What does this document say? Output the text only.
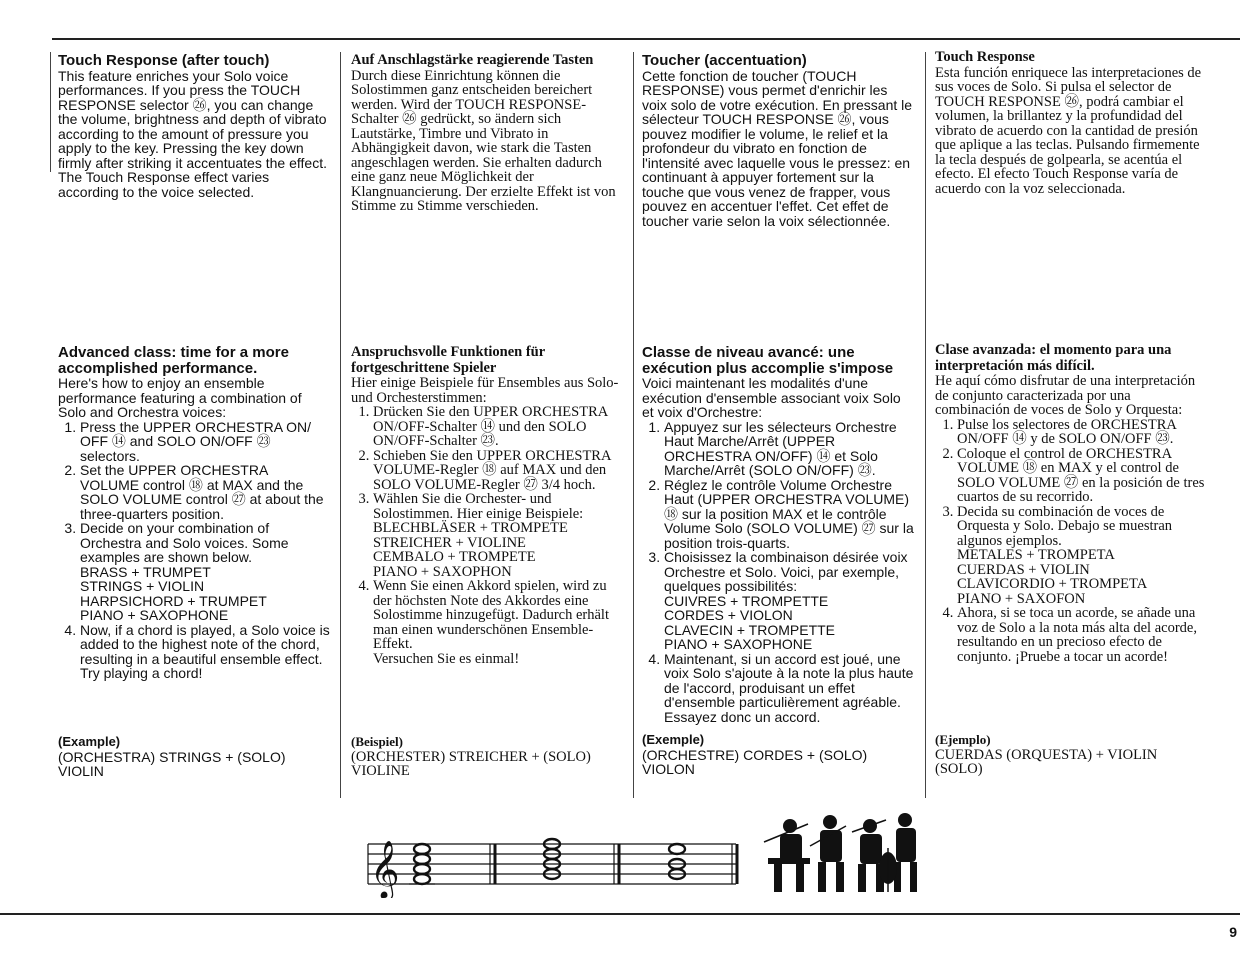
Touch Response (after touch)

This feature enriches your Solo voice performances. If you press the TOUCH RESPONSE selector ㉖, you can change the volume, brightness and depth of vibrato according to the amount of pressure you apply to the key. Pressing the key down firmly after striking it accentuates the effect. The Touch Response effect varies according to the voice selected.

Advanced class: time for a more accomplished performance.

Here's how to enjoy an ensemble performance featuring a combination of Solo and Orchestra voices:

1. Press the UPPER ORCHESTRA ON/ OFF ⑭ and SOLO ON/OFF ㉓ selectors.
2. Set the UPPER ORCHESTRA VOLUME control ⑱ at MAX and the SOLO VOLUME control ㉗ at about the three-quarters position.
3. Decide on your combination of Orchestra and Solo voices. Some examples are shown below.
BRASS + TRUMPET
STRINGS + VIOLIN
HARPSICHORD + TRUMPET
PIANO + SAXOPHONE
4. Now, if a chord is played, a Solo voice is added to the highest note of the chord, resulting in a beautiful ensemble effect. Try playing a chord!

(Example)

(ORCHESTRA) STRINGS + (SOLO) VIOLIN

Auf Anschlagstärke reagierende Tasten

Durch diese Einrichtung können die Solostimmen ganz entscheiden bereichert werden. Wird der TOUCH RESPONSE-Schalter ㉖ gedrückt, so ändern sich Lautstärke, Timbre und Vibrato in Abhängigkeit davon, wie stark die Tasten angeschlagen werden. Sie erhalten dadurch eine ganz neue Möglichkeit der Klangnuancierung. Der erzielte Effekt ist von Stimme zu Stimme verschieden.

Anspruchsvolle Funktionen für fortgeschrittene Spieler

Hier einige Beispiele für Ensembles aus Solo- und Orchesterstimmen:

1. Drücken Sie den UPPER ORCHESTRA ON/OFF-Schalter ⑭ und den SOLO ON/OFF-Schalter ㉓.
2. Schieben Sie den UPPER ORCHESTRA VOLUME-Regler ⑱ auf MAX und den SOLO VOLUME-Regler ㉗ 3/4 hoch.
3. Wählen Sie die Orchester- und Solostimmen. Hier einige Beispiele:
BLECHBLÄSER + TROMPETE
STREICHER + VIOLINE
CEMBALO + TROMPETE
PIANO + SAXOPHON
4. Wenn Sie einen Akkord spielen, wird zu der höchsten Note des Akkordes eine Solostimme hinzugefügt. Dadurch erhält man einen wunderschönen Ensemble-Effekt.
Versuchen Sie es einmal!

(Beispiel)

(ORCHESTER) STREICHER + (SOLO) VIOLINE

Toucher (accentuation)

Cette fonction de toucher (TOUCH RESPONSE) vous permet d'enrichir les voix solo de votre exécution. En pressant le sélecteur TOUCH RESPONSE ㉖, vous pouvez modifier le volume, le relief et la profondeur du vibrato en fonction de l'intensité avec laquelle vous le pressez: en continuant à appuyer fortement sur la touche que vous venez de frapper, vous pouvez en accentuer l'effet. Cet effet de toucher varie selon la voix sélectionnée.

Classe de niveau avancé: une exécution plus accomplie s'impose

Voici maintenant les modalités d'une exécution d'ensemble associant voix Solo et voix d'Orchestre:

1. Appuyez sur les sélecteurs Orchestre Haut Marche/Arrêt (UPPER ORCHESTRA ON/OFF) ⑭ et Solo Marche/Arrêt (SOLO ON/OFF) ㉓.
2. Réglez le contrôle Volume Orchestre Haut (UPPER ORCHESTRA VOLUME) ⑱ sur la position MAX et le contrôle Volume Solo (SOLO VOLUME) ㉗ sur la position trois-quarts.
3. Choisissez la combinaison désirée voix Orchestre et Solo. Voici, par exemple, quelques possibilités:
CUIVRES + TROMPETTE
CORDES + VIOLON
CLAVECIN + TROMPETTE
PIANO + SAXOPHONE
4. Maintenant, si un accord est joué, une voix Solo s'ajoute à la note la plus haute de l'accord, produisant un effet d'ensemble particulièrement agréable. Essayez donc un accord.

(Exemple)

(ORCHESTRE) CORDES + (SOLO) VIOLON

Touch Response

Esta función enriquece las interpretaciones de sus voces de Solo. Si pulsa el selector de TOUCH RESPONSE ㉖, podrá cambiar el volumen, la brillantez y la profundidad del vibrato de acuerdo con la cantidad de presión que aplique a las teclas. Pulsando firmemente la tecla después de golpearla, se acentúa el efecto. El efecto Touch Response varía de acuerdo con la voz seleccionada.

Clase avanzada: el momento para una interpretación más difícil.

He aquí cómo disfrutar de una interpretación de conjunto caracterizada por una combinación de voces de Solo y Orquesta:

1. Pulse los selectores de ORCHESTRA ON/OFF ⑭ y de SOLO ON/OFF ㉓.
2. Coloque el control de ORCHESTRA VOLUME ⑱ en MAX y el control de SOLO VOLUME ㉗ en la posición de tres cuartos de su recorrido.
3. Decida su combinación de voces de Orquesta y Solo. Debajo se muestran algunos ejemplos.
METALES + TROMPETA
CUERDAS + VIOLIN
CLAVICORDIO + TROMPETA
PIANO + SAXOFON
4. Ahora, si se toca un acorde, se añade una voz de Solo a la nota más alta del acorde, resultando en un precioso efecto de conjunto. ¡Pruebe a tocar un acorde!

(Ejemplo)

CUERDAS (ORQUESTA) + VIOLIN (SOLO)

𝄞
9
